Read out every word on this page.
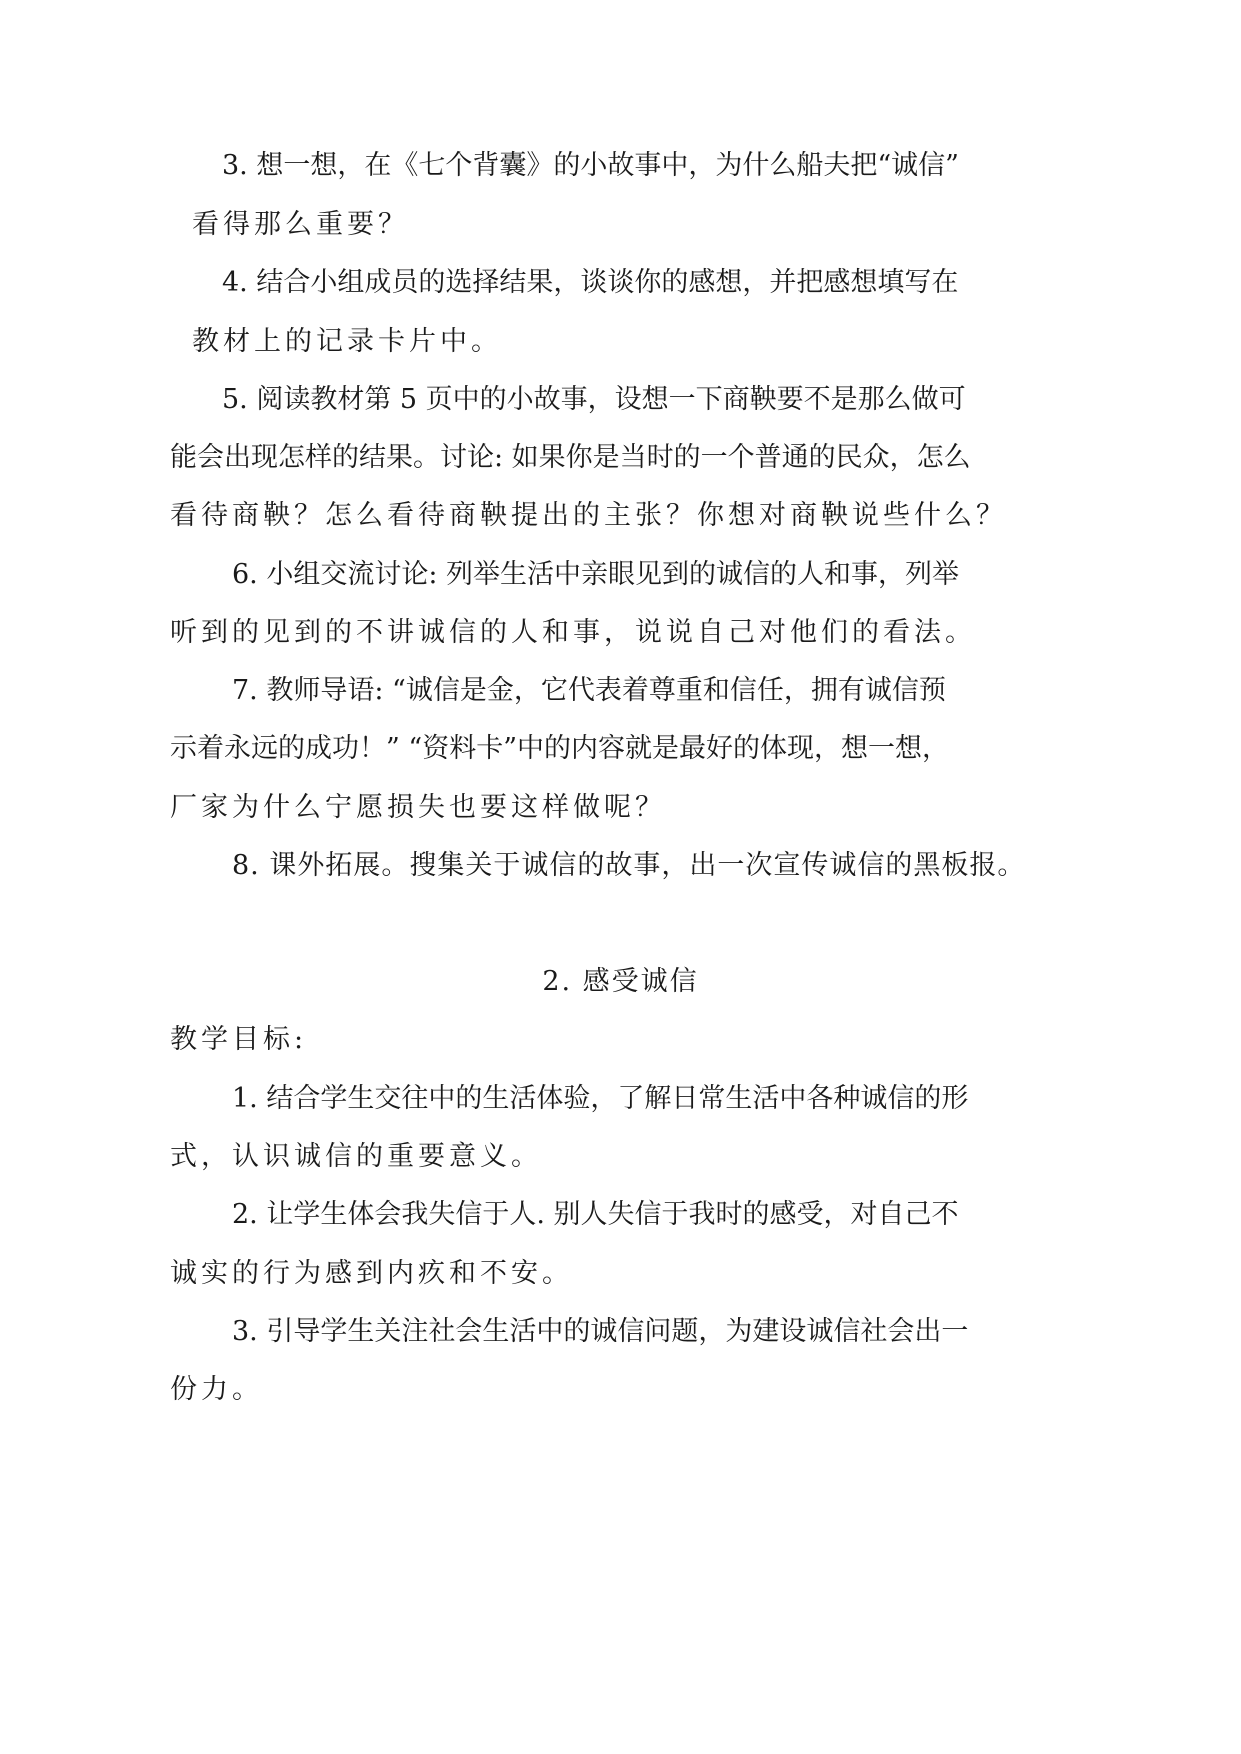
3. 想一想，在《七个背囊》的小故事中，为什么船夫把“诚信”
看得那么重要？
4. 结合小组成员的选择结果，谈谈你的感想，并把感想填写在
教材上的记录卡片中。
5. 阅读教材第 5 页中的小故事，设想一下商鞅要不是那么做可
能会出现怎样的结果。讨论: 如果你是当时的一个普通的民众，怎么
看待商鞅？怎么看待商鞅提出的主张？你想对商鞅说些什么？
6. 小组交流讨论: 列举生活中亲眼见到的诚信的人和事，列举
听到的见到的不讲诚信的人和事，说说自己对他们的看法。
7. 教师导语: “诚信是金，它代表着尊重和信任，拥有诚信预
示着永远的成功！” “资料卡”中的内容就是最好的体现，想一想，
厂家为什么宁愿损失也要这样做呢？
8. 课外拓展。搜集关于诚信的故事，出一次宣传诚信的黑板报。
2. 感受诚信
教学目标:
1. 结合学生交往中的生活体验，了解日常生活中各种诚信的形
式，认识诚信的重要意义。
2. 让学生体会我失信于人. 别人失信于我时的感受，对自己不
诚实的行为感到内疚和不安。
3. 引导学生关注社会生活中的诚信问题，为建设诚信社会出一
份力。
